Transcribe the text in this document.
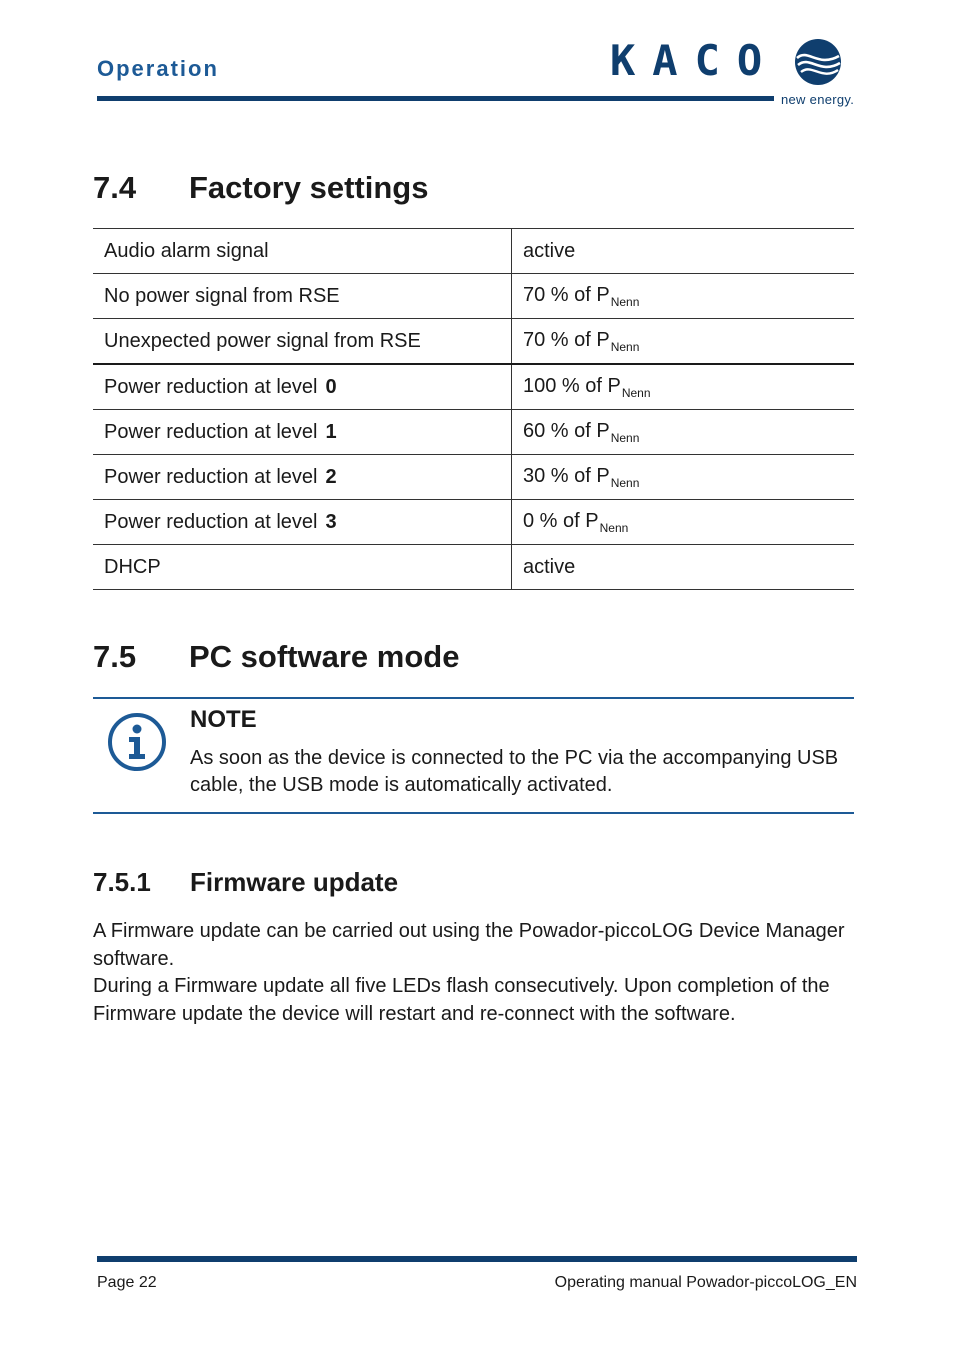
Operation	KACO
new energy.
7.4 Factory settings
Audio alarm signal	active
No power signal from RSE	70 % of $P_{Nenn}$
Unexpected power signal from RSE	70 % of $P_{Nenn}$
Power reduction at level 0	100 % of $P_{Nenn}$
Power reduction at level 1	60 % of $P_{Nenn}$
Power reduction at level 2	30 % of $P_{Nenn}$
Power reduction at level 3	0 % of $P_{Nenn}$
DHCP	active
7.5 PC software mode
NOTE
As soon as the device is connected to the PC via the accompanying USB cable, the USB mode is automatically activated.
7.5.1 Firmware update

A Firmware update can be carried out using the Powador-piccoLOG Device Manager software.

During a Firmware update all five LEDs flash consecutively. Upon completion of the Firmware update the device will restart and re-connect with the software.

Page 22	Operating manual Powador-piccoLOG_EN
